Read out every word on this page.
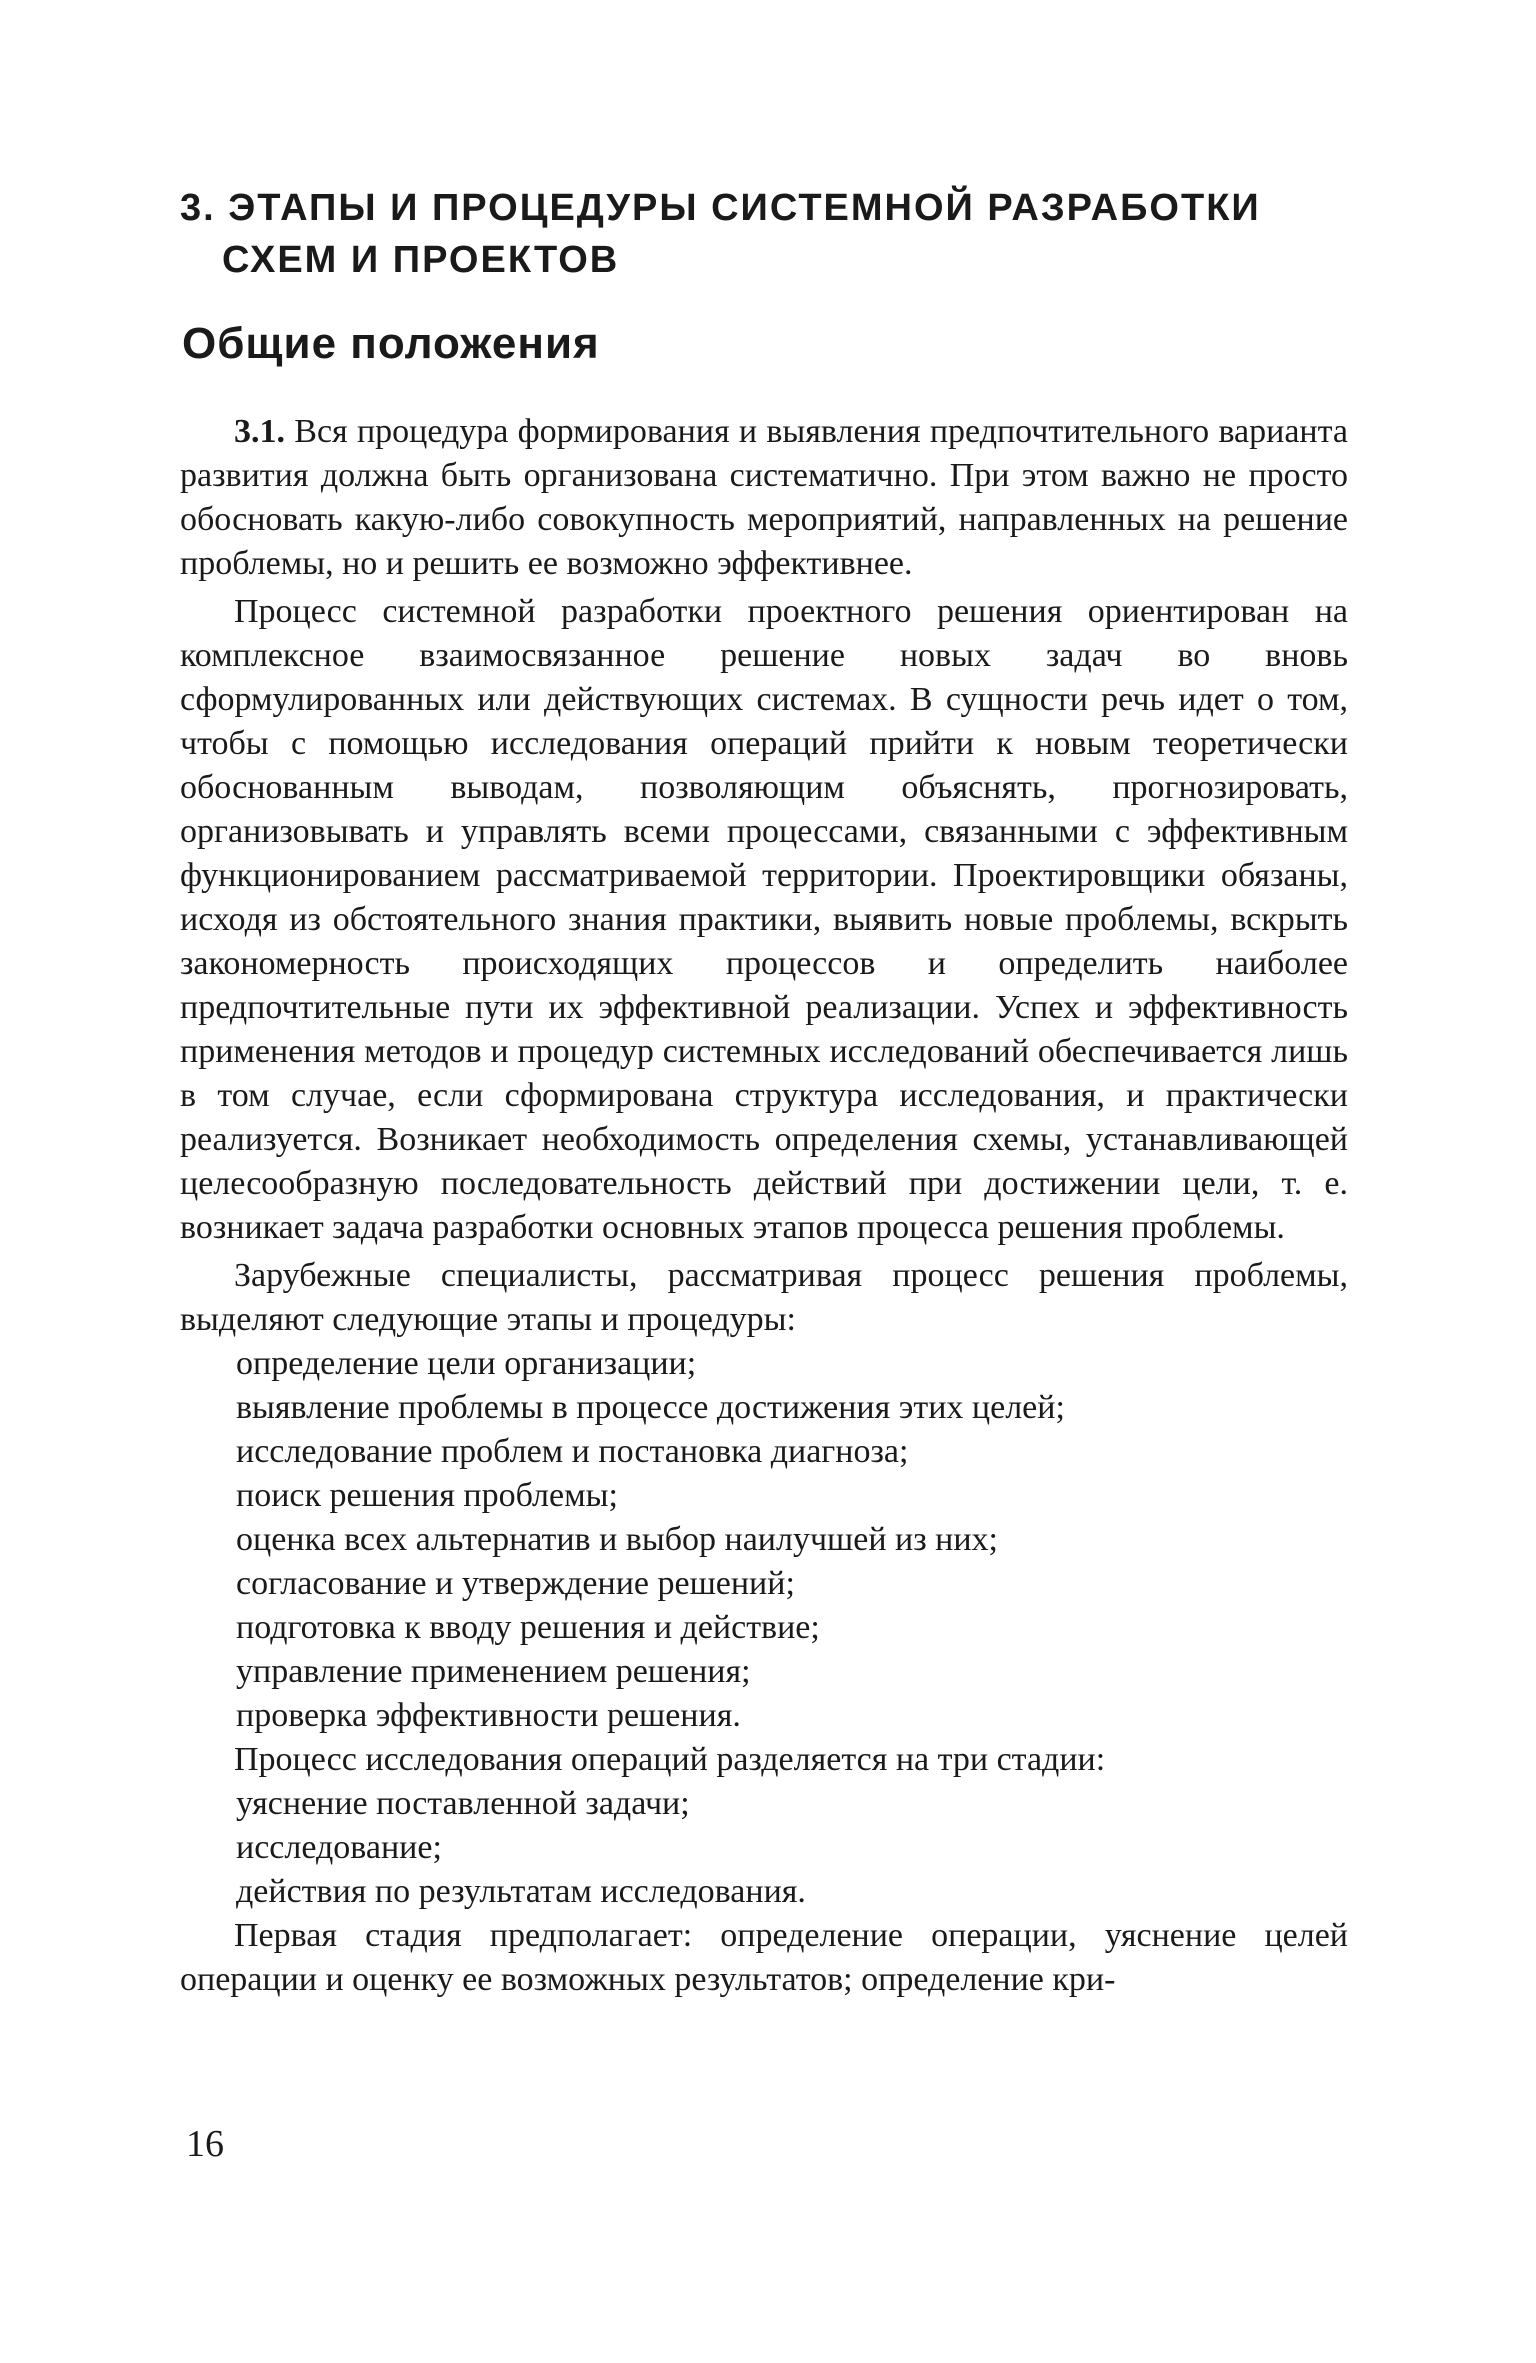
3. ЭТАПЫ И ПРОЦЕДУРЫ СИСТЕМНОЙ РАЗРАБОТКИ
СХЕМ И ПРОЕКТОВ
Общие положения

3.1. Вся процедура формирования и выявления предпочтительного варианта развития должна быть организована систематично. При этом важно не просто обосновать какую-либо совокупность мероприятий, направленных на решение проблемы, но и решить ее возможно эффективнее.

Процесс системной разработки проектного решения ориентирован на комплексное взаимосвязанное решение новых задач во вновь сформулированных или действующих системах. В сущности речь идет о том, чтобы с помощью исследования операций прийти к новым теоретически обоснованным выводам, позволяющим объяснять, прогнозировать, организовывать и управлять всеми процессами, связанными с эффективным функционированием рассматриваемой территории. Проектировщики обязаны, исходя из обстоятельного знания практики, выявить новые проблемы, вскрыть закономерность происходящих процессов и определить наиболее предпочтительные пути их эффективной реализации. Успех и эффективность применения методов и процедур системных исследований обеспечивается лишь в том случае, если сформирована структура исследования, и практически реализуется. Возникает необходимость определения схемы, устанавливающей целесообразную последовательность действий при достижении цели, т. е. возникает задача разработки основных этапов процесса решения проблемы.

Зарубежные специалисты, рассматривая процесс решения проблемы, выделяют следующие этапы и процедуры:

определение цели организации;
выявление проблемы в процессе достижения этих целей;
исследование проблем и постановка диагноза;
поиск решения проблемы;
оценка всех альтернатив и выбор наилучшей из них;
согласование и утверждение решений;
подготовка к вводу решения и действие;
управление применением решения;
проверка эффективности решения.

Процесс исследования операций разделяется на три стадии:

уяснение поставленной задачи;
исследование;
действия по результатам исследования.

Первая стадия предполагает: определение операции, уяснение целей операции и оценку ее возможных результатов; определение кри-

16
